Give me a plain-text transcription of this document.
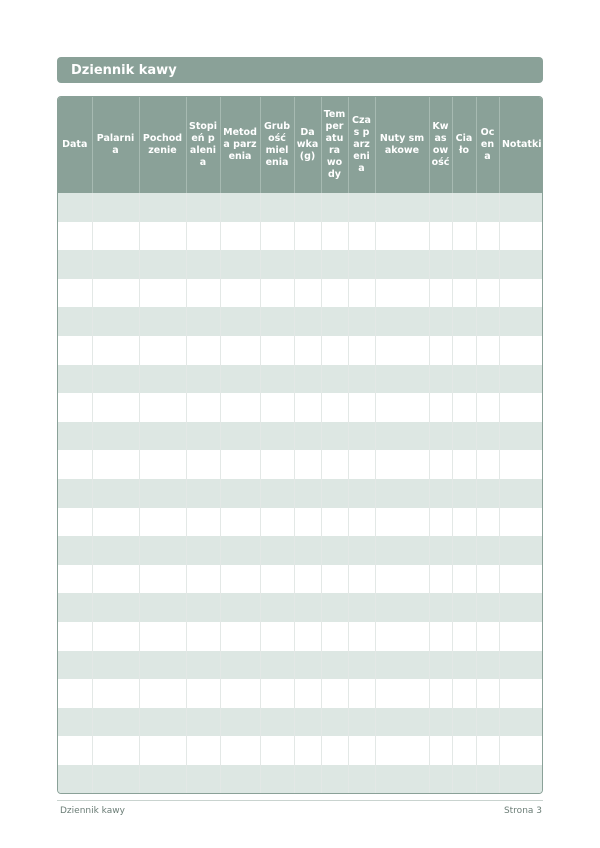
Dziennik kawy
Data	Palarnia	Pochodzenie	Stopień palenia	Metoda parzenia	Grubość mielenia	Dawka (g)	Temperatura wody	Czas parzenia	Nuty smakowe	Kwasowość	Ciało	Ocena	Notatki

Dziennik kawy	Strona 3
